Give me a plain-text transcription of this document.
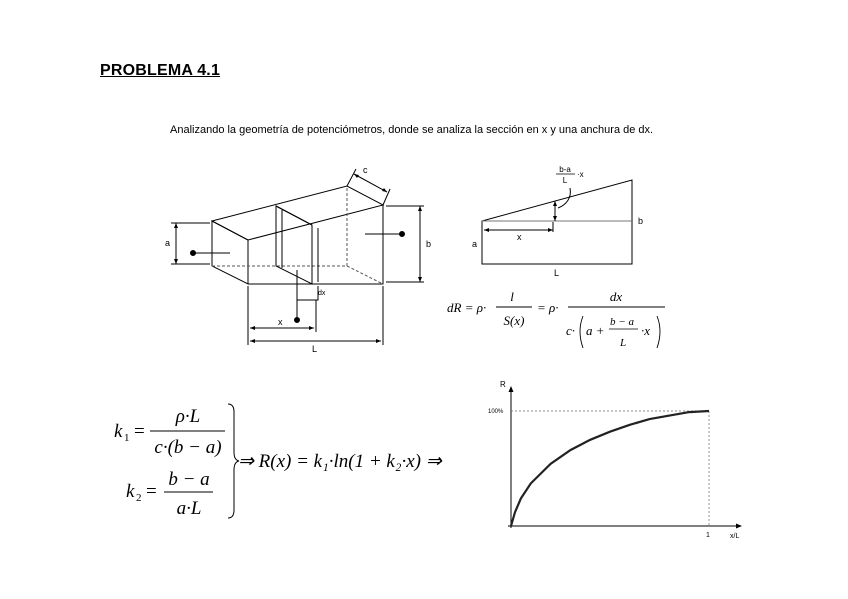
PROBLEMA 4.1
Analizando la geometría de potenciómetros, donde se analiza la sección en x y una anchura de dx.
c
a	b
dx
x
L
b-a
L
·x
b
a
x
L
dR = ρ·
l
S(x)
= ρ·
dx
c· a +
b − a
L
·x
k 1 =
ρ·L
c·(b − a)
k 2 =
b − a
a·L
⇒ R(x) = k₁·ln(1 + k₂·x) ⇒
R
100%
1	x/L
